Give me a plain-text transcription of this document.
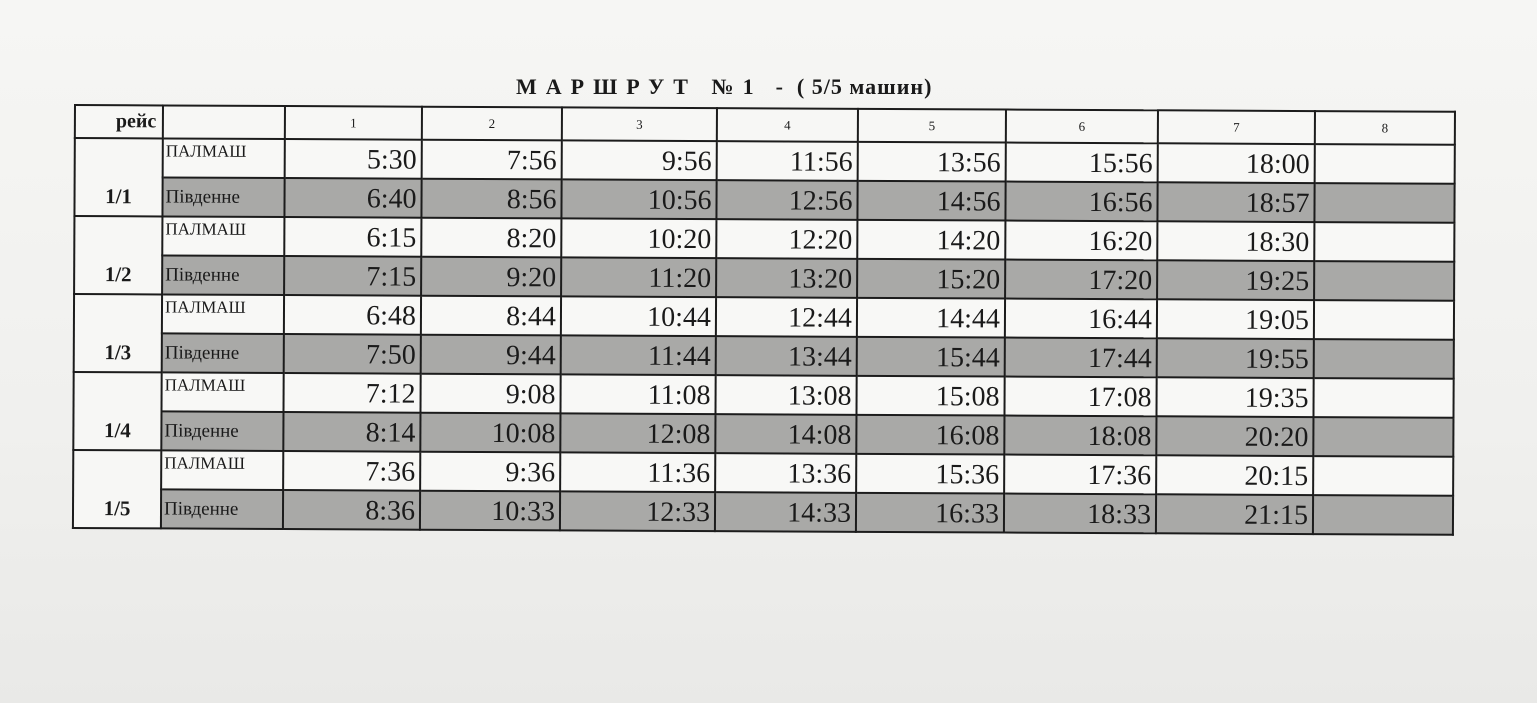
МАРШРУТ №1  -  ( 5/5 машин)
рейс		1	2	3	4	5	6	7	8
1/1	ПАЛМАШ	5:30	7:56	9:56	11:56	13:56	15:56	18:00	
	Південне	6:40	8:56	10:56	12:56	14:56	16:56	18:57	
1/2	ПАЛМАШ	6:15	8:20	10:20	12:20	14:20	16:20	18:30	
	Південне	7:15	9:20	11:20	13:20	15:20	17:20	19:25	
1/3	ПАЛМАШ	6:48	8:44	10:44	12:44	14:44	16:44	19:05	
	Південне	7:50	9:44	11:44	13:44	15:44	17:44	19:55	
1/4	ПАЛМАШ	7:12	9:08	11:08	13:08	15:08	17:08	19:35	
	Південне	8:14	10:08	12:08	14:08	16:08	18:08	20:20	
1/5	ПАЛМАШ	7:36	9:36	11:36	13:36	15:36	17:36	20:15	
	Південне	8:36	10:33	12:33	14:33	16:33	18:33	21:15	
